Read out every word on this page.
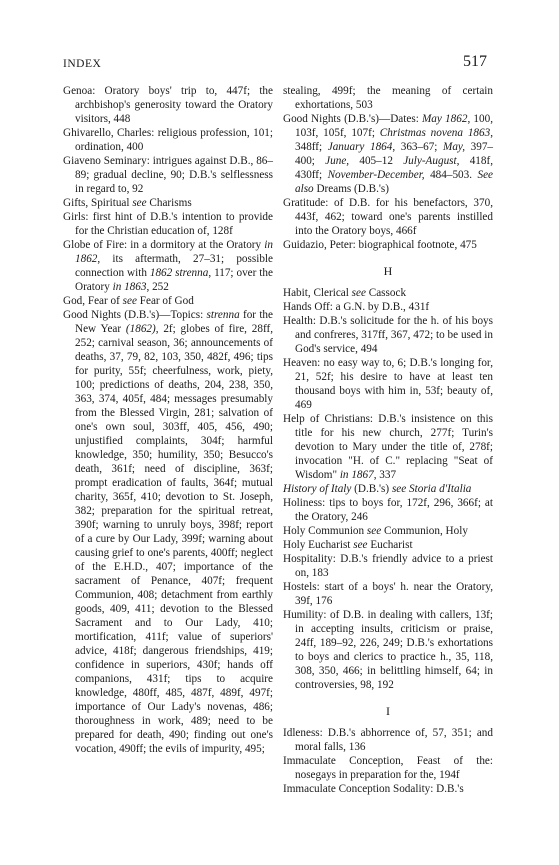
INDEX	517

Genoa: Oratory boys' trip to, 447f; the archbishop's generosity toward the Oratory visitors, 448

Ghivarello, Charles: religious profession, 101; ordination, 400

Giaveno Seminary: intrigues against D.B., 86–89; gradual decline, 90; D.B.'s selflessness in regard to, 92

Gifts, Spiritual see Charisms

Girls: first hint of D.B.'s intention to provide for the Christian education of, 128f

Globe of Fire: in a dormitory at the Oratory in 1862, its aftermath, 27–31; possible connection with 1862 strenna, 117; over the Oratory in 1863, 252

God, Fear of see Fear of God

Good Nights (D.B.'s)—Topics: strenna for the New Year (1862), 2f; globes of fire, 28ff, 252; carnival season, 36; announcements of deaths, 37, 79, 82, 103, 350, 482f, 496; tips for purity, 55f; cheerfulness, work, piety, 100; predictions of deaths, 204, 238, 350, 363, 374, 405f, 484; messages presumably from the Blessed Virgin, 281; salvation of one's own soul, 303ff, 405, 456, 490; unjustified complaints, 304f; harmful knowledge, 350; humility, 350; Besucco's death, 361f; need of discipline, 363f; prompt eradication of faults, 364f; mutual charity, 365f, 410; devotion to St. Joseph, 382; preparation for the spiritual retreat, 390f; warning to unruly boys, 398f; report of a cure by Our Lady, 399f; warning about causing grief to one's parents, 400ff; neglect of the E.H.D., 407; importance of the sacrament of Penance, 407f; frequent Communion, 408; detachment from earthly goods, 409, 411; devotion to the Blessed Sacrament and to Our Lady, 410; mortification, 411f; value of superiors' advice, 418f; dangerous friendships, 419; confidence in superiors, 430f; hands off companions, 431f; tips to acquire knowledge, 480ff, 485, 487f, 489f, 497f; importance of Our Lady's novenas, 486; thoroughness in work, 489; need to be prepared for death, 490; finding out one's vocation, 490ff; the evils of impurity, 495;

stealing, 499f; the meaning of certain exhortations, 503

Good Nights (D.B.'s)—Dates: May 1862, 100, 103f, 105f, 107f; Christmas novena 1863, 348ff; January 1864, 363–67; May, 397–400; June, 405–12 July-August, 418f, 430ff; November-December, 484–503. See also Dreams (D.B.'s)

Gratitude: of D.B. for his benefactors, 370, 443f, 462; toward one's parents instilled into the Oratory boys, 466f

Guidazio, Peter: biographical footnote, 475

H

Habit, Clerical see Cassock

Hands Off: a G.N. by D.B., 431f

Health: D.B.'s solicitude for the h. of his boys and confreres, 317ff, 367, 472; to be used in God's service, 494

Heaven: no easy way to, 6; D.B.'s longing for, 21, 52f; his desire to have at least ten thousand boys with him in, 53f; beauty of, 469

Help of Christians: D.B.'s insistence on this title for his new church, 277f; Turin's devotion to Mary under the title of, 278f; invocation "H. of C." replacing "Seat of Wisdom" in 1867, 337

History of Italy (D.B.'s) see Storia d'Italia

Holiness: tips to boys for, 172f, 296, 366f; at the Oratory, 246

Holy Communion see Communion, Holy

Holy Eucharist see Eucharist

Hospitality: D.B.'s friendly advice to a priest on, 183

Hostels: start of a boys' h. near the Oratory, 39f, 176

Humility: of D.B. in dealing with callers, 13f; in accepting insults, criticism or praise, 24ff, 189–92, 226, 249; D.B.'s exhortations to boys and clerics to practice h., 35, 118, 308, 350, 466; in belittling himself, 64; in controversies, 98, 192

I

Idleness: D.B.'s abhorrence of, 57, 351; and moral falls, 136

Immaculate Conception, Feast of the: nosegays in preparation for the, 194f

Immaculate Conception Sodality: D.B.'s
